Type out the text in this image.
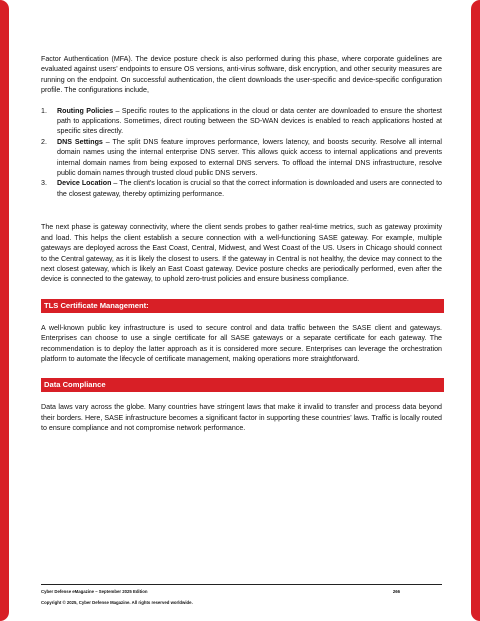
Factor Authentication (MFA). The device posture check is also performed during this phase, where corporate guidelines are evaluated against users’ endpoints to ensure OS versions, anti-virus software, disk encryption, and other security measures are running on the endpoint. On successful authentication, the client downloads the user-specific and device-specific configuration profile. The configurations include,

1. Routing Policies – Specific routes to the applications in the cloud or data center are downloaded to ensure the shortest path to applications. Sometimes, direct routing between the SD-WAN devices is enabled to reach applications hosted at specific sites directly.
2. DNS Settings – The split DNS feature improves performance, lowers latency, and boosts security. Resolve all internal domain names using the internal enterprise DNS server. This allows quick access to internal applications and prevents internal domain names from being exposed to external DNS servers. To offload the internal DNS infrastructure, resolve public domain names through trusted cloud public DNS servers.
3. Device Location – The client's location is crucial so that the correct information is downloaded and users are connected to the closest gateway, thereby optimizing performance.

The next phase is gateway connectivity, where the client sends probes to gather real-time metrics, such as gateway proximity and load. This helps the client establish a secure connection with a well-functioning SASE gateway. For example, multiple gateways are deployed across the East Coast, Central, Midwest, and West Coast of the US. Users in Chicago should connect to the Central gateway, as it is likely the closest to users. If the gateway in Central is not healthy, the device may connect to the next closest gateway, which is likely an East Coast gateway. Device posture checks are periodically performed, even after the device is connected to the gateway, to uphold zero-trust policies and ensure business compliance.

TLS Certificate Management:

A well-known public key infrastructure is used to secure control and data traffic between the SASE client and gateways. Enterprises can choose to use a single certificate for all SASE gateways or a separate certificate for each gateway. The recommendation is to deploy the latter approach as it is considered more secure. Enterprises can leverage the orchestration platform to automate the lifecycle of certificate management, making operations more straightforward.

Data Compliance

Data laws vary across the globe. Many countries have stringent laws that make it invalid to transfer and process data beyond their borders. Here, SASE infrastructure becomes a significant factor in supporting these countries’ laws. Traffic is locally routed to ensure compliance and not compromise network performance.

Cyber Defense eMagazine – September 2025 Edition	266
Copyright © 2025, Cyber Defense Magazine. All rights reserved worldwide.
